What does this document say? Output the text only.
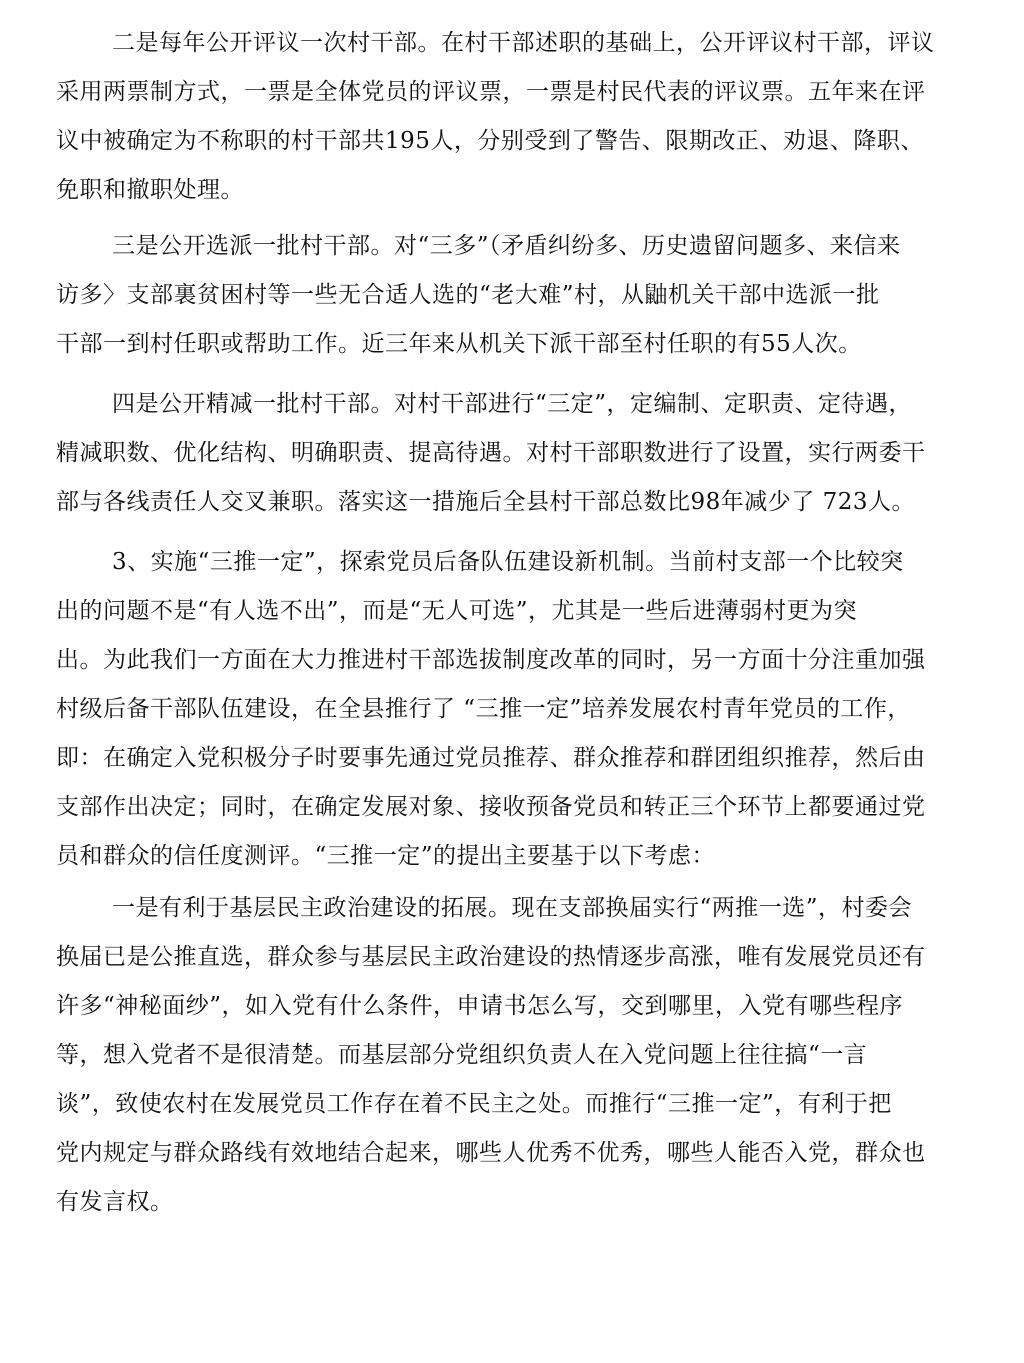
二是每年公开评议一次村干部。在村干部述职的基础上，公开评议村干部，评议
采用两票制方式，一票是全体党员的评议票，一票是村民代表的评议票。五年来在评
议中被确定为不称职的村干部共195人，分别受到了警告、限期改正、劝退、降职、
免职和撤职处理。
三是公开选派一批村干部。对“三多”（矛盾纠纷多、历史遗留问题多、来信来
访多〉支部裏贫困村等一些无合适人选的“老大难”村，从鼬机关干部中选派一批
干部一到村任职或帮助工作。近三年来从机关下派干部至村任职的有55人次。
四是公开精减一批村干部。对村干部进行“三定”，定编制、定职责、定待遇，
精减职数、优化结构、明确职责、提高待遇。对村干部职数进行了设置，实行两委干
部与各线责任人交叉兼职。落实这一措施后全县村干部总数比98年减少了 723人。
3、实施“三推一定”，探索党员后备队伍建设新机制。当前村支部一个比较突
出的问题不是“有人选不出”，而是“无人可选”，尤其是一些后进薄弱村更为突
出。为此我们一方面在大力推进村干部选拔制度改革的同时，另一方面十分注重加强
村级后备干部队伍建设，在全县推行了 “三推一定”培养发展农村青年党员的工作，
即：在确定入党积极分子时要事先通过党员推荐、群众推荐和群团组织推荐，然后由
支部作出决定；同时，在确定发展对象、接收预备党员和转正三个环节上都要通过党
员和群众的信任度测评。“三推一定”的提出主要基于以下考虑：
一是有利于基层民主政治建设的拓展。现在支部换届实行“两推一选”，村委会
换届已是公推直选，群众参与基层民主政治建设的热情逐步高涨，唯有发展党员还有
许多“神秘面纱”，如入党有什么条件，申请书怎么写，交到哪里，入党有哪些程序
等，想入党者不是很清楚。而基层部分党组织负责人在入党问题上往往搞“一言
谈”，致使农村在发展党员工作存在着不民主之处。而推行“三推一定”，有利于把
党内规定与群众路线有效地结合起来，哪些人优秀不优秀，哪些人能否入党，群众也
有发言权。
